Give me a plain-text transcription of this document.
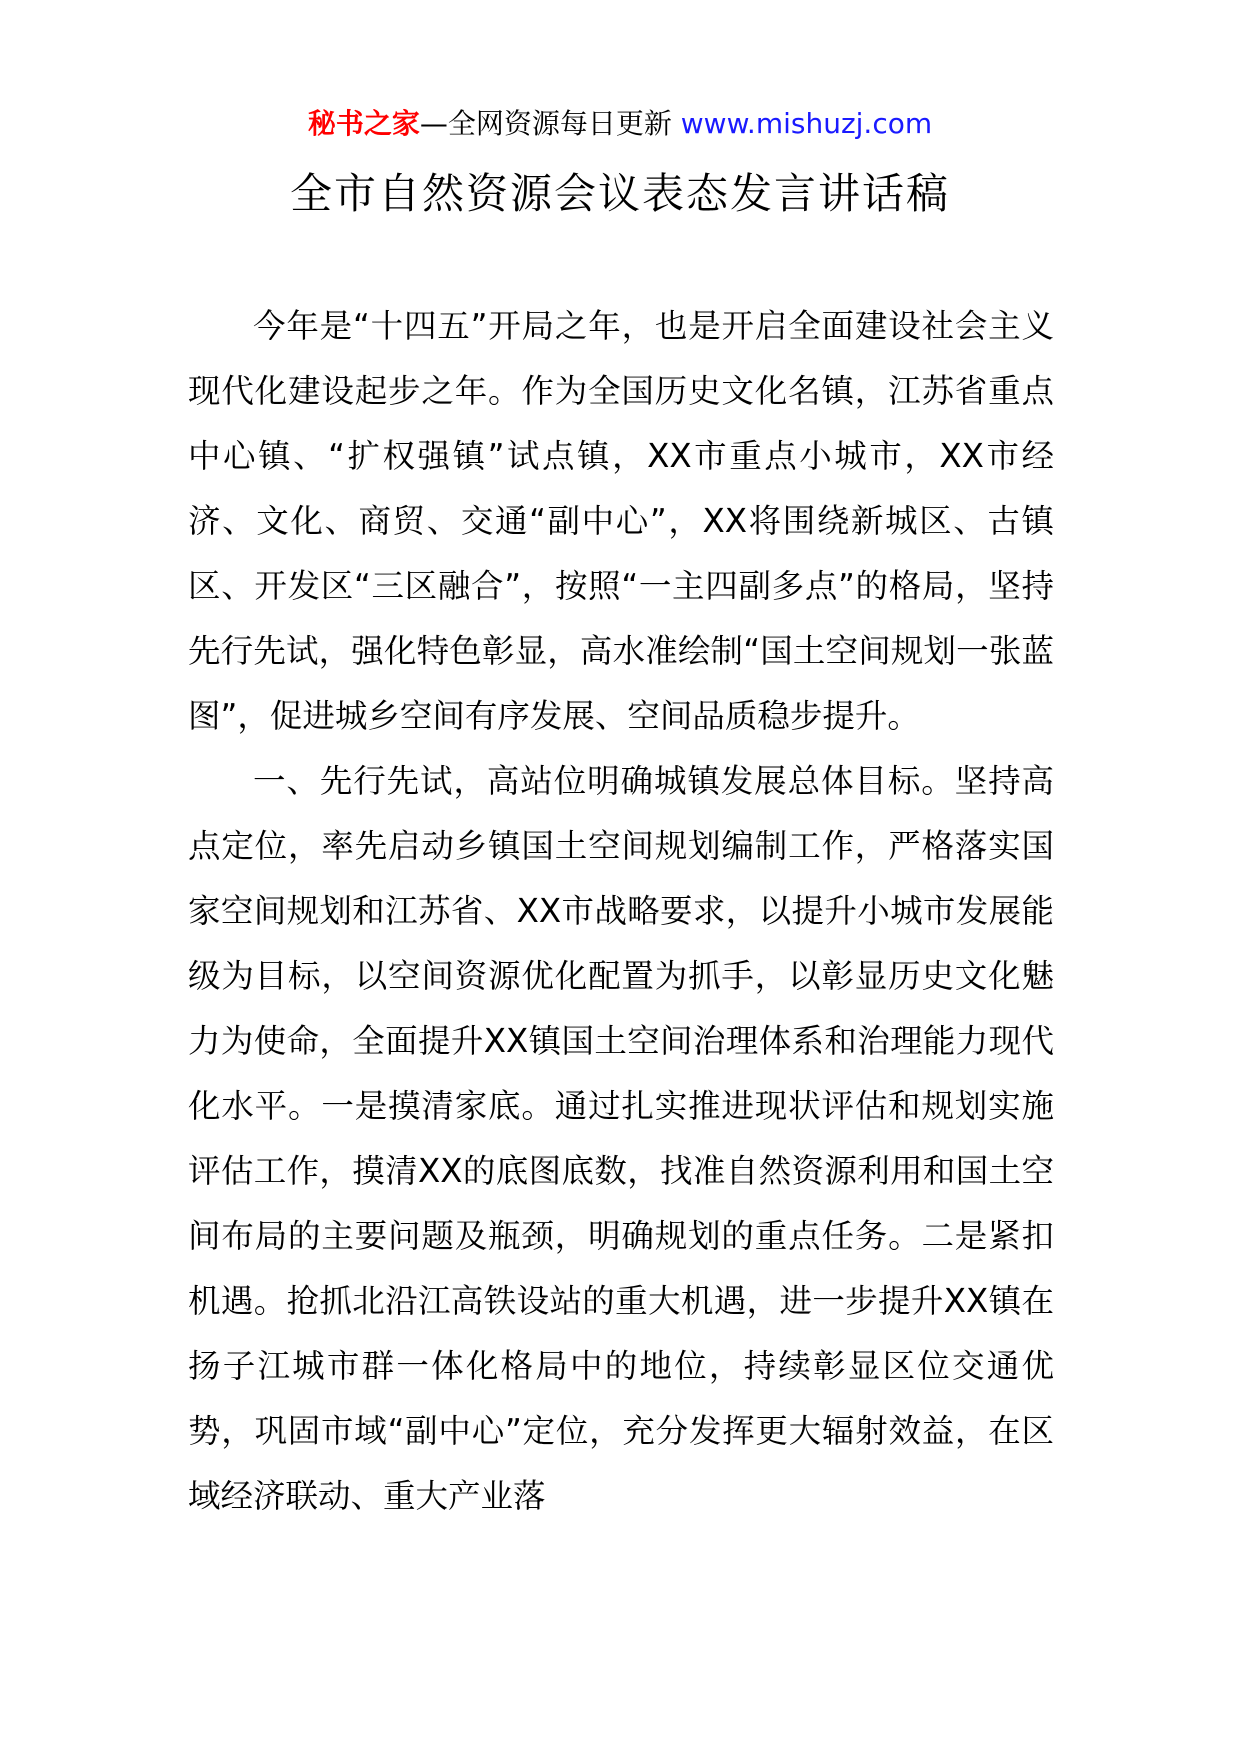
秘书之家—全网资源每日更新 www.mishuzj.com
全市自然资源会议表态发言讲话稿

今年是“十四五”开局之年，也是开启全面建设社会主义现代化建设起步之年。作为全国历史文化名镇，江苏省重点中心镇、“扩权强镇”试点镇，XX市重点小城市，XX市经济、文化、商贸、交通“副中心”，XX将围绕新城区、古镇区、开发区“三区融合”，按照“一主四副多点”的格局，坚持先行先试，强化特色彰显，高水准绘制“国土空间规划一张蓝图”，促进城乡空间有序发展、空间品质稳步提升。

一、先行先试，高站位明确城镇发展总体目标。坚持高点定位，率先启动乡镇国土空间规划编制工作，严格落实国家空间规划和江苏省、XX市战略要求，以提升小城市发展能级为目标，以空间资源优化配置为抓手，以彰显历史文化魅力为使命，全面提升XX镇国土空间治理体系和治理能力现代化水平。一是摸清家底。通过扎实推进现状评估和规划实施评估工作，摸清XX的底图底数，找准自然资源利用和国土空间布局的主要问题及瓶颈，明确规划的重点任务。二是紧扣机遇。抢抓北沿江高铁设站的重大机遇，进一步提升XX镇在扬子江城市群一体化格局中的地位，持续彰显区位交通优势，巩固市域“副中心”定位，充分发挥更大辐射效益，在区域经济联动、重大产业落
